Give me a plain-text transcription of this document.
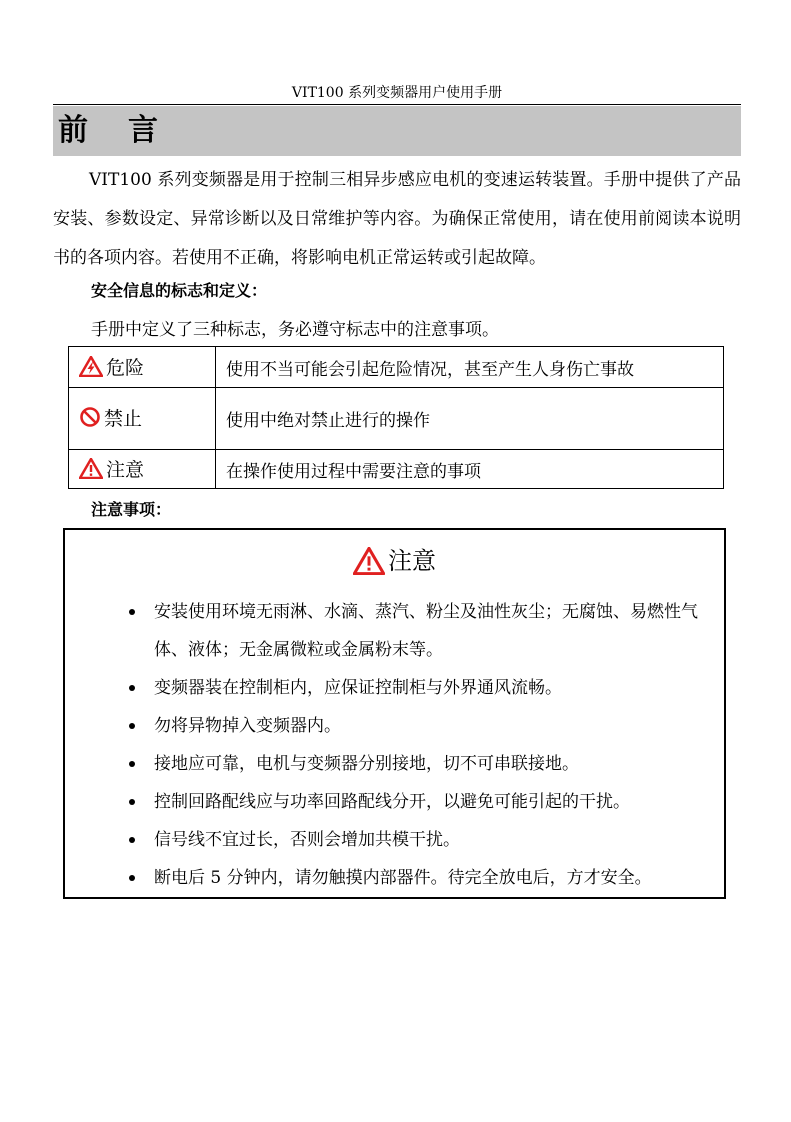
VIT100 系列变频器用户使用手册
前言
VIT100 系列变频器是用于控制三相异步感应电机的变速运转装置。手册中提供了产品安装、参数设定、异常诊断以及日常维护等内容。为确保正常使用，请在使用前阅读本说明书的各项内容。若使用不正确，将影响电机正常运转或引起故障。
安全信息的标志和定义：
手册中定义了三种标志，务必遵守标志中的注意事项。
危险	使用不当可能会引起危险情况，甚至产生人身伤亡事故

禁止	使用中绝对禁止进行的操作

注意	在操作使用过程中需要注意的事项
注意事项：
注意
安装使用环境无雨淋、水滴、蒸汽、粉尘及油性灰尘；无腐蚀、易燃性气体、液体；无金属微粒或金属粉末等。
变频器装在控制柜内，应保证控制柜与外界通风流畅。
勿将异物掉入变频器内。
接地应可靠，电机与变频器分别接地，切不可串联接地。
控制回路配线应与功率回路配线分开，以避免可能引起的干扰。
信号线不宜过长，否则会增加共模干扰。
断电后 5 分钟内，请勿触摸内部器件。待完全放电后，方才安全。
